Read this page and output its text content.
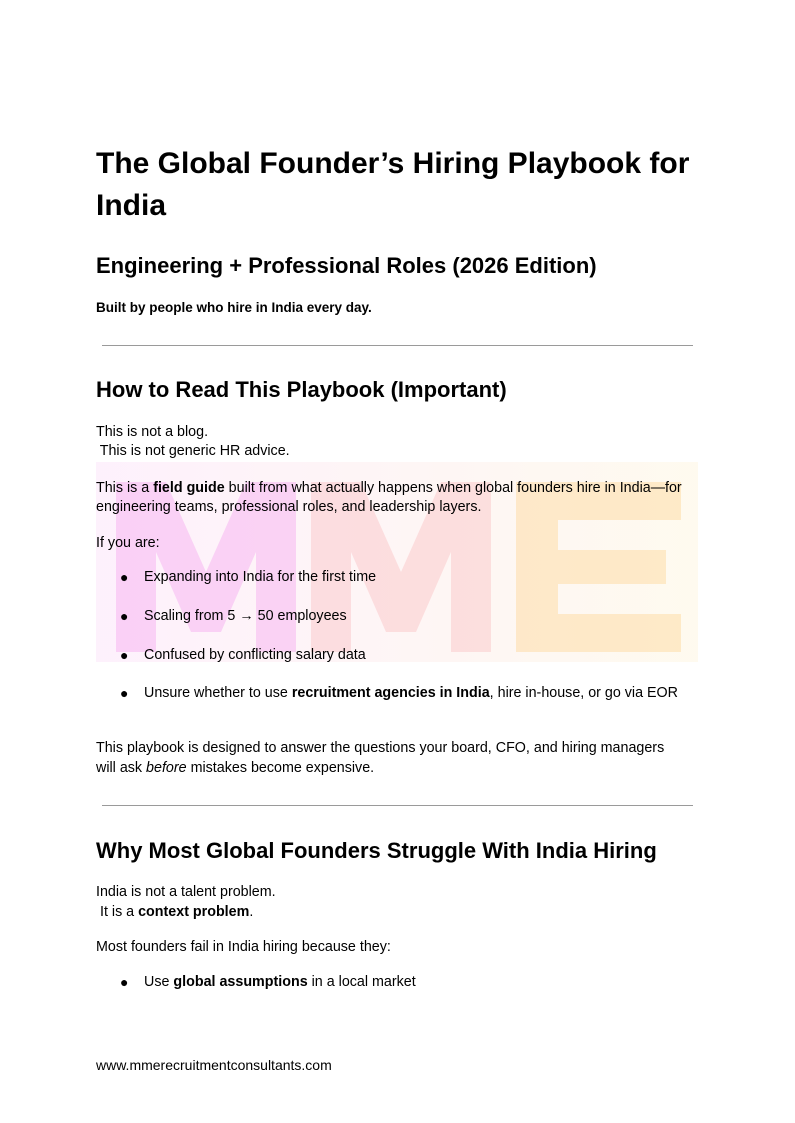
The Global Founder’s Hiring Playbook for India
Engineering + Professional Roles (2026 Edition)
Built by people who hire in India every day.
How to Read This Playbook (Important)
This is not a blog.
This is not generic HR advice.
This is a field guide built from what actually happens when global founders hire in India—for
engineering teams, professional roles, and leadership layers.
If you are:
● Expanding into India for the first time
● Scaling from 5 → 50 employees
● Confused by conflicting salary data
● Unsure whether to use recruitment agencies in India, hire in-house, or go via EOR
This playbook is designed to answer the questions your board, CFO, and hiring managers
will ask before mistakes become expensive.
Why Most Global Founders Struggle With India Hiring
India is not a talent problem.
It is a context problem.
Most founders fail in India hiring because they:
● Use global assumptions in a local market
www.mmerecruitmentconsultants.com
